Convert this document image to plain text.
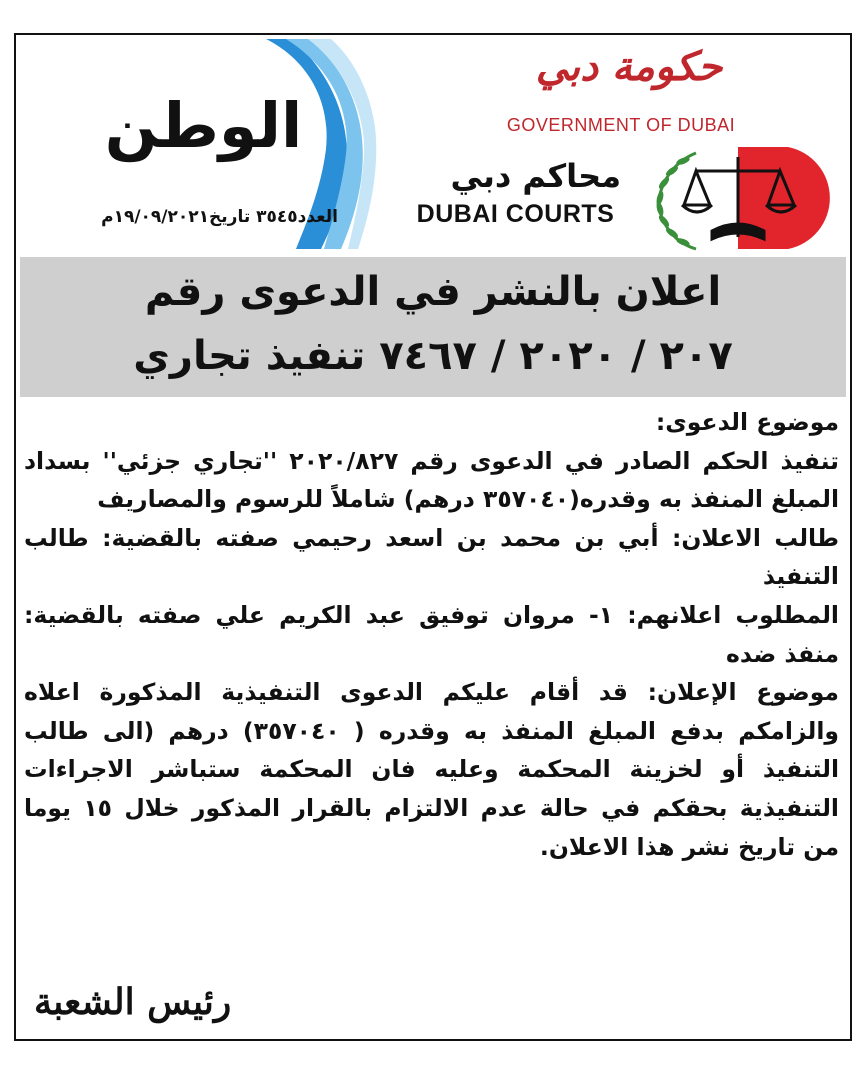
الوطن
العدد٣٥٤٥ تاريخ١٩/٠٩/٢٠٢١م
حكومة دبي
GOVERNMENT OF DUBAI
محاكم دبي
DUBAI COURTS
اعلان بالنشر في الدعوى رقم
٢٠٧ / ٢٠٢٠ / ٧٤٦٧ تنفيذ تجاري

موضوع الدعوى:

تنفيذ الحكم الصادر في الدعوى رقم ٢٠٢٠/٨٢٧ ''تجاري جزئي'' بسداد المبلغ المنفذ به وقدره(٣٥٧٠٤٠ درهم) شاملاً للرسوم والمصاريف

طالب الاعلان: أبي بن محمد بن اسعد رحيمي صفته بالقضية: طالب التنفيذ

المطلوب اعلانهم: ١- مروان توفيق عبد الكريم علي صفته بالقضية: منفذ ضده

موضوع الإعلان: قد أقام عليكم الدعوى التنفيذية المذكورة اعلاه والزامكم بدفع المبلغ المنفذ به وقدره ( ٣٥٧٠٤٠) درهم (الى طالب التنفيذ أو لخزينة المحكمة وعليه فان المحكمة ستباشر الاجراءات التنفيذية بحقكم في حالة عدم الالتزام بالقرار المذكور خلال ١٥ يوما من تاريخ نشر هذا الاعلان.

رئيس الشعبة
